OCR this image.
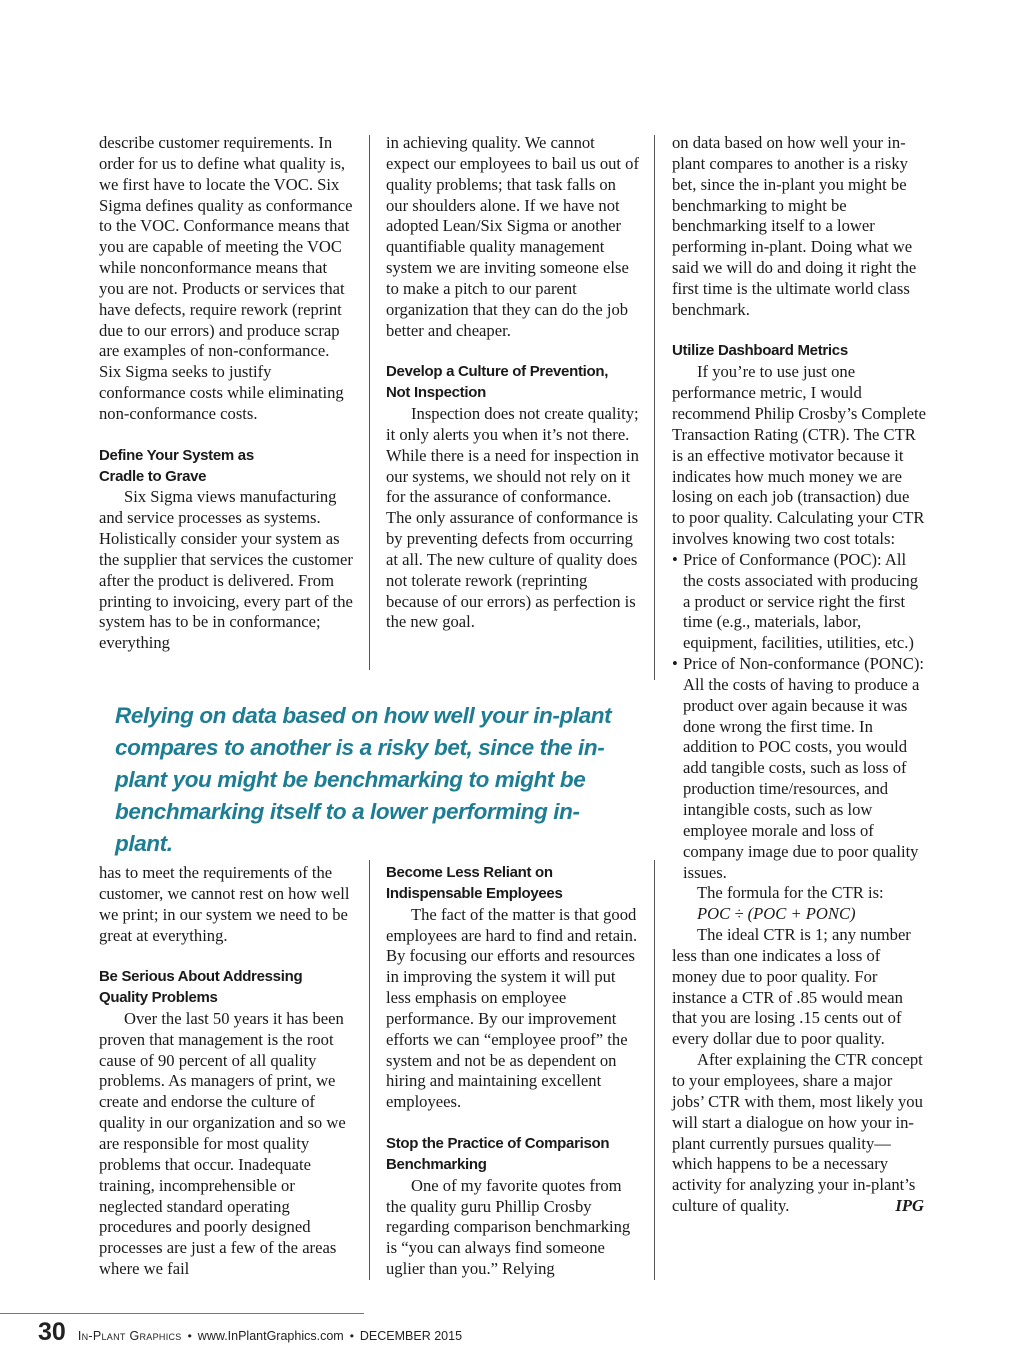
describe customer requirements. In order for us to define what quality is, we first have to locate the VOC. Six Sigma defines quality as conformance to the VOC. Conformance means that you are capable of meeting the VOC while nonconformance means that you are not. Products or services that have defects, require rework (reprint due to our errors) and produce scrap are examples of non-conformance. Six Sigma seeks to justify conformance costs while eliminating non-conformance costs.

Define Your System as
Cradle to Grave

Six Sigma views manufacturing and service processes as systems. Holistically consider your system as the supplier that services the customer after the product is delivered. From printing to invoicing, every part of the system has to be in conformance; everything

in achieving quality. We cannot expect our employees to bail us out of quality problems; that task falls on our shoulders alone. If we have not adopted Lean/Six Sigma or another quantifiable quality management system we are inviting someone else to make a pitch to our parent organization that they can do the job better and cheaper.

Develop a Culture of Prevention,
Not Inspection

Inspection does not create quality; it only alerts you when it’s not there. While there is a need for inspection in our systems, we should not rely on it for the assurance of conformance. The only assurance of conformance is by preventing defects from occurring at all. The new culture of quality does not tolerate rework (reprinting because of our errors) as perfection is the new goal.

on data based on how well your in-plant compares to another is a risky bet, since the in-plant you might be benchmarking to might be benchmarking itself to a lower performing in-plant. Doing what we said we will do and doing it right the first time is the ultimate world class benchmark.

Utilize Dashboard Metrics

If you’re to use just one performance metric, I would recommend Philip Crosby’s Complete Transaction Rating (CTR). The CTR is an effective motivator because it indicates how much money we are losing on each job (transaction) due to poor quality. Calculating your CTR involves knowing two cost totals:

• Price of Conformance (POC): All the costs associated with producing a product or service right the first time (e.g., materials, labor, equipment, facilities, utilities, etc.)
• Price of Non-conformance (PONC): All the costs of having to produce a product over again because it was done wrong the first time. In addition to POC costs, you would add tangible costs, such as loss of production time/resources, and intangible costs, such as low employee morale and loss of company image due to poor quality issues.

The formula for the CTR is:

POC ÷ (POC + PONC)

The ideal CTR is 1; any number less than one indicates a loss of money due to poor quality. For instance a CTR of .85 would mean that you are losing .15 cents out of every dollar due to poor quality.

After explaining the CTR concept to your employees, share a major jobs’ CTR with them, most likely you will start a dialogue on how your in-plant currently pursues quality—which happens to be a necessary activity for analyzing your in-plant’s culture of quality.	IPG

Relying on data based on how well your in-plant compares to another is a risky bet, since the in-plant you might be benchmarking to might be benchmarking itself to a lower performing in-plant.

has to meet the requirements of the customer, we cannot rest on how well we print; in our system we need to be great at everything.

Be Serious About Addressing
Quality Problems

Over the last 50 years it has been proven that management is the root cause of 90 percent of all quality problems. As managers of print, we create and endorse the culture of quality in our organization and so we are responsible for most quality problems that occur. Inadequate training, incomprehensible or neglected standard operating procedures and poorly designed processes are just a few of the areas where we fail

Become Less Reliant on
Indispensable Employees

The fact of the matter is that good employees are hard to find and retain. By focusing our efforts and resources in improving the system it will put less emphasis on employee performance. By our improvement efforts we can “employee proof” the system and not be as dependent on hiring and maintaining excellent employees.

Stop the Practice of Comparison
Benchmarking

One of my favorite quotes from the quality guru Phillip Crosby regarding comparison benchmarking is “you can always find someone uglier than you.” Relying

30 In-Plant Graphics • www.InPlantGraphics.com • DECEMBER 2015
